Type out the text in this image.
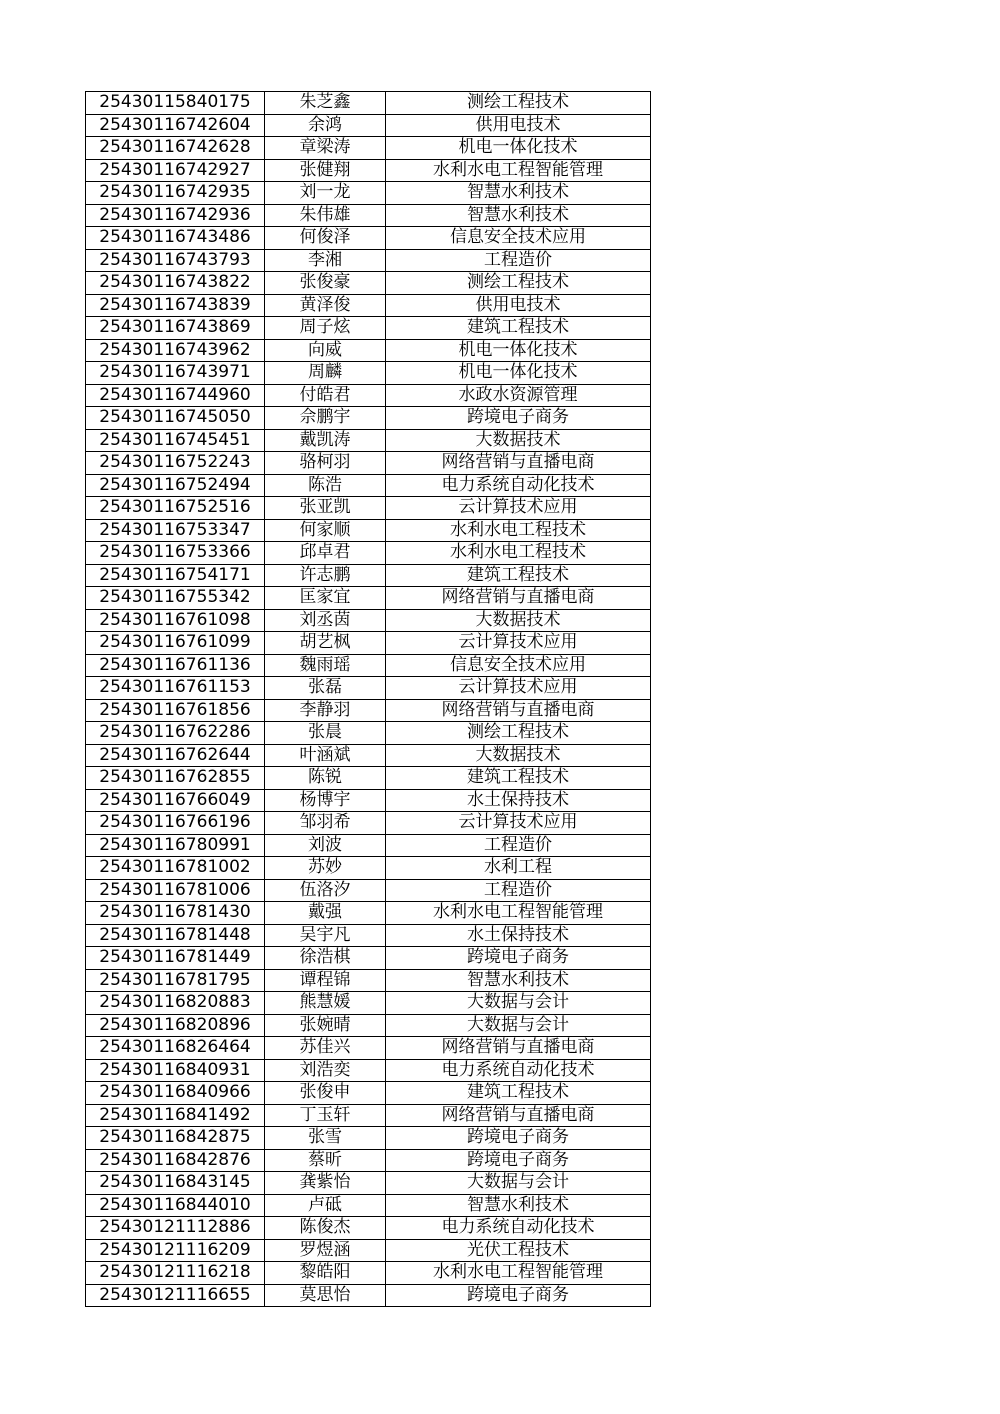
25430115840175	朱芝鑫	测绘工程技术
25430116742604	余鸿	供用电技术
25430116742628	章梁涛	机电一体化技术
25430116742927	张健翔	水利水电工程智能管理
25430116742935	刘一龙	智慧水利技术
25430116742936	朱伟雄	智慧水利技术
25430116743486	何俊泽	信息安全技术应用
25430116743793	李湘	工程造价
25430116743822	张俊豪	测绘工程技术
25430116743839	黄泽俊	供用电技术
25430116743869	周子炫	建筑工程技术
25430116743962	向威	机电一体化技术
25430116743971	周麟	机电一体化技术
25430116744960	付皓君	水政水资源管理
25430116745050	佘鹏宇	跨境电子商务
25430116745451	戴凯涛	大数据技术
25430116752243	骆柯羽	网络营销与直播电商
25430116752494	陈浩	电力系统自动化技术
25430116752516	张亚凯	云计算技术应用
25430116753347	何家顺	水利水电工程技术
25430116753366	邱卓君	水利水电工程技术
25430116754171	许志鹏	建筑工程技术
25430116755342	匡家宜	网络营销与直播电商
25430116761098	刘丞茵	大数据技术
25430116761099	胡艺枫	云计算技术应用
25430116761136	魏雨瑶	信息安全技术应用
25430116761153	张磊	云计算技术应用
25430116761856	李静羽	网络营销与直播电商
25430116762286	张晨	测绘工程技术
25430116762644	叶涵斌	大数据技术
25430116762855	陈锐	建筑工程技术
25430116766049	杨博宇	水土保持技术
25430116766196	邹羽希	云计算技术应用
25430116780991	刘波	工程造价
25430116781002	苏妙	水利工程
25430116781006	伍洛汐	工程造价
25430116781430	戴强	水利水电工程智能管理
25430116781448	吴宇凡	水土保持技术
25430116781449	徐浩棋	跨境电子商务
25430116781795	谭程锦	智慧水利技术
25430116820883	熊慧媛	大数据与会计
25430116820896	张婉晴	大数据与会计
25430116826464	苏佳兴	网络营销与直播电商
25430116840931	刘浩奕	电力系统自动化技术
25430116840966	张俊申	建筑工程技术
25430116841492	丁玉轩	网络营销与直播电商
25430116842875	张雪	跨境电子商务
25430116842876	蔡昕	跨境电子商务
25430116843145	龚紫怡	大数据与会计
25430116844010	卢砥	智慧水利技术
25430121112886	陈俊杰	电力系统自动化技术
25430121116209	罗煜涵	光伏工程技术
25430121116218	黎皓阳	水利水电工程智能管理
25430121116655	莫思怡	跨境电子商务
